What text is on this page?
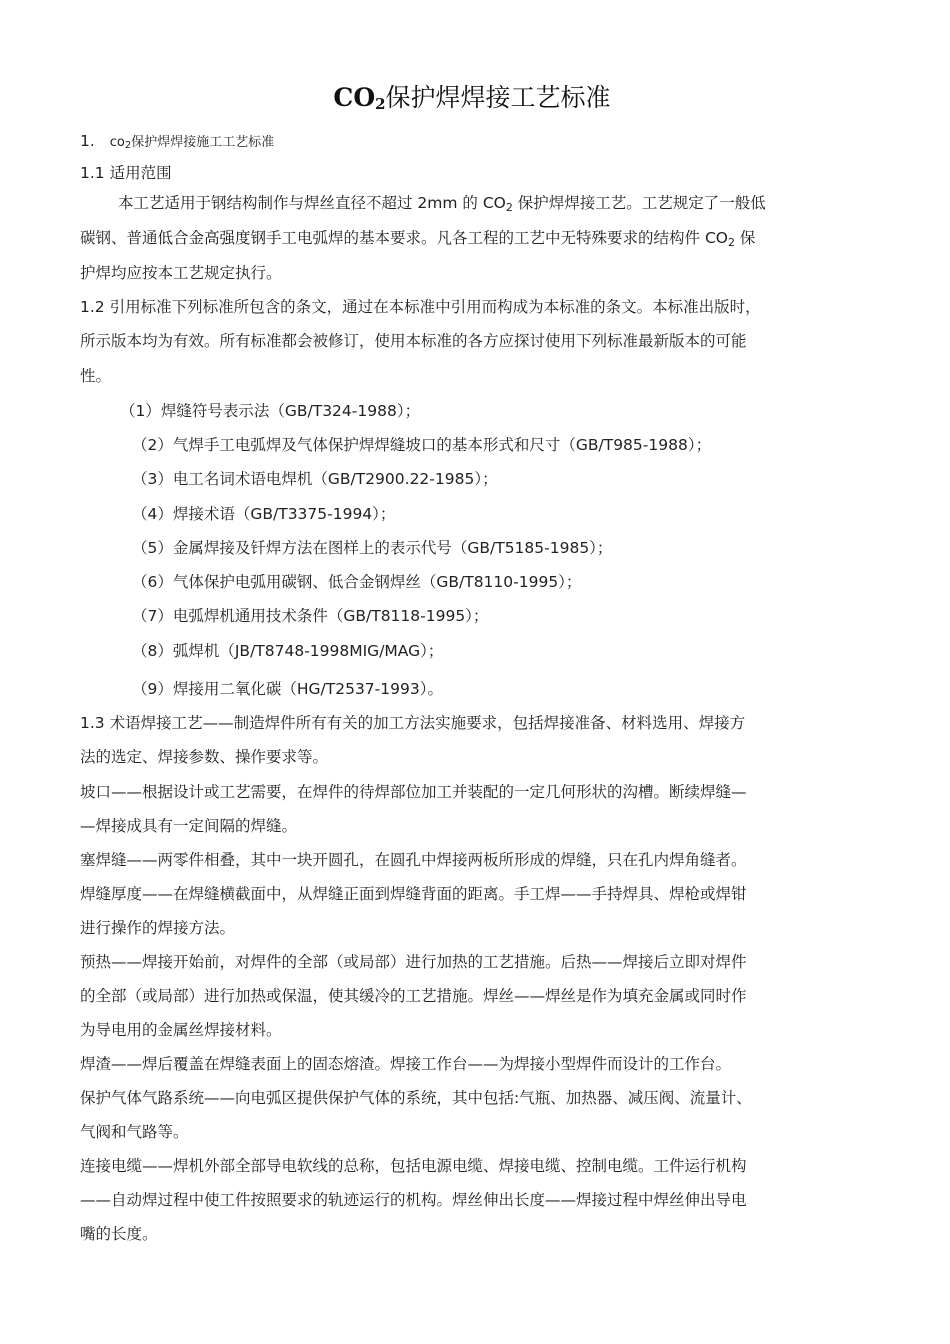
$CO_2$保护焊焊接工艺标准
1. co2保护焊焊接施工工艺标准
1.1 适用范围
本工艺适用于钢结构制作与焊丝直径不超过 2mm 的 CO2 保护焊焊接工艺。工艺规定了一般低
碳钢、普通低合金高强度钢手工电弧焊的基本要求。凡各工程的工艺中无特殊要求的结构件 CO2 保
护焊均应按本工艺规定执行。
1.2 引用标准下列标准所包含的条文，通过在本标准中引用而构成为本标准的条文。本标准出版时，
所示版本均为有效。所有标准都会被修订，使用本标准的各方应探讨使用下列标准最新版本的可能
性。
（1）焊缝符号表示法（GB/T324-1988）；
（2）气焊手工电弧焊及气体保护焊焊缝坡口的基本形式和尺寸（GB/T985-1988）；
（3）电工名词术语电焊机（GB/T2900.22-1985）；
（4）焊接术语（GB/T3375-1994）；
（5）金属焊接及钎焊方法在图样上的表示代号（GB/T5185-1985）；
（6）气体保护电弧用碳钢、低合金钢焊丝（GB/T8110-1995）；
（7）电弧焊机通用技术条件（GB/T8118-1995）；
（8）弧焊机（JB/T8748-1998MIG/MAG）；
（9）焊接用二氧化碳（HG/T2537-1993）。
1.3 术语焊接工艺——制造焊件所有有关的加工方法实施要求，包括焊接准备、材料选用、焊接方
法的选定、焊接参数、操作要求等。
坡口——根据设计或工艺需要，在焊件的待焊部位加工并装配的一定几何形状的沟槽。断续焊缝—
—焊接成具有一定间隔的焊缝。
塞焊缝——两零件相叠，其中一块开圆孔，在圆孔中焊接两板所形成的焊缝，只在孔内焊角缝者。
焊缝厚度——在焊缝横截面中，从焊缝正面到焊缝背面的距离。手工焊——手持焊具、焊枪或焊钳
进行操作的焊接方法。
预热——焊接开始前，对焊件的全部（或局部）进行加热的工艺措施。后热——焊接后立即对焊件
的全部（或局部）进行加热或保温，使其缓冷的工艺措施。焊丝——焊丝是作为填充金属或同时作
为导电用的金属丝焊接材料。
焊渣——焊后覆盖在焊缝表面上的固态熔渣。焊接工作台——为焊接小型焊件而设计的工作台。
保护气体气路系统——向电弧区提供保护气体的系统，其中包括:气瓶、加热器、减压阀、流量计、
气阀和气路等。
连接电缆——焊机外部全部导电软线的总称，包括电源电缆、焊接电缆、控制电缆。工件运行机构
——自动焊过程中使工件按照要求的轨迹运行的机构。焊丝伸出长度——焊接过程中焊丝伸出导电
嘴的长度。
